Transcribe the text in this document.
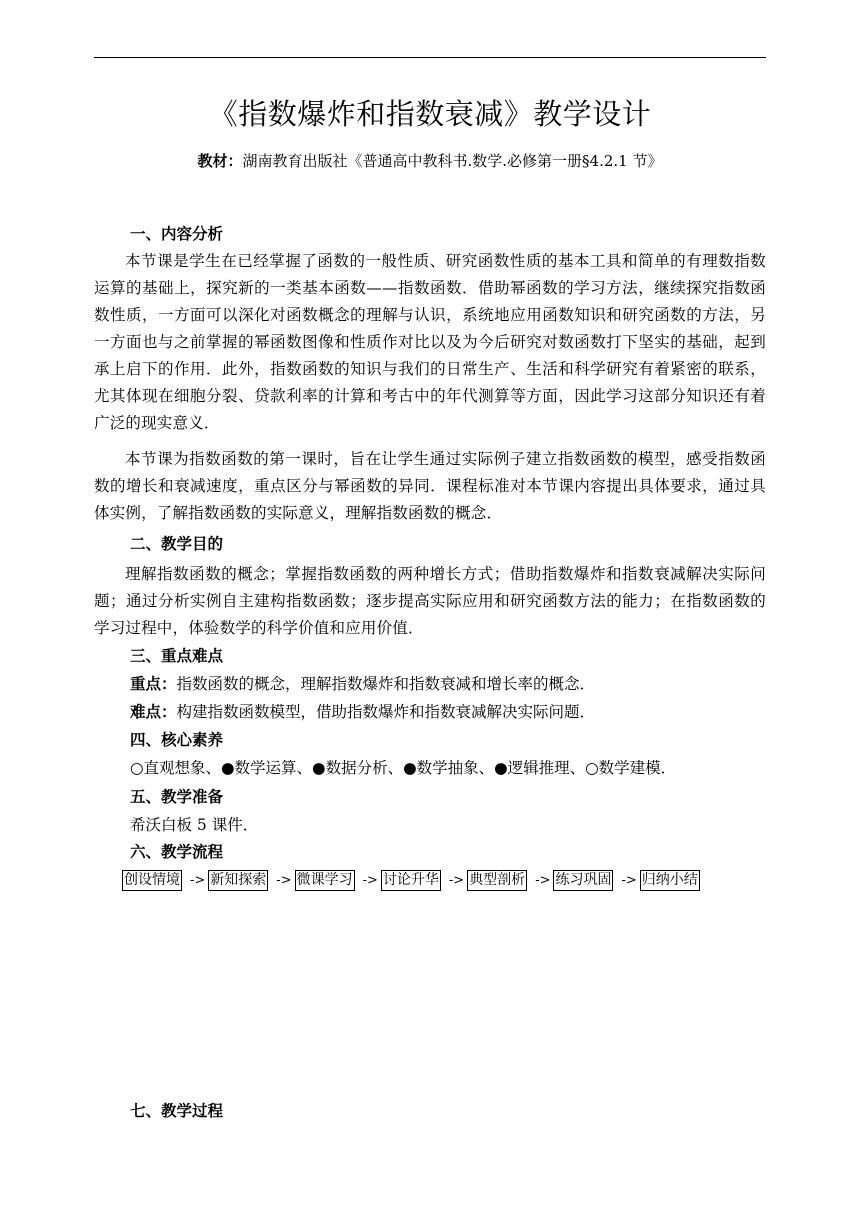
《指数爆炸和指数衰减》教学设计
教材：湖南教育出版社《普通高中教科书.数学.必修第一册§4.2.1 节》
一、内容分析
本节课是学生在已经掌握了函数的一般性质、研究函数性质的基本工具和简单的有理数指数运算的基础上，探究新的一类基本函数——指数函数．借助幂函数的学习方法，继续探究指数函数性质，一方面可以深化对函数概念的理解与认识，系统地应用函数知识和研究函数的方法，另一方面也与之前掌握的幂函数图像和性质作对比以及为今后研究对数函数打下坚实的基础，起到承上启下的作用．此外，指数函数的知识与我们的日常生产、生活和科学研究有着紧密的联系，尤其体现在细胞分裂、贷款利率的计算和考古中的年代测算等方面，因此学习这部分知识还有着广泛的现实意义．
本节课为指数函数的第一课时，旨在让学生通过实际例子建立指数函数的模型，感受指数函数的增长和衰减速度，重点区分与幂函数的异同．课程标准对本节课内容提出具体要求，通过具体实例，了解指数函数的实际意义，理解指数函数的概念．
二、教学目的
理解指数函数的概念；掌握指数函数的两种增长方式；借助指数爆炸和指数衰减解决实际问题；通过分析实例自主建构指数函数；逐步提高实际应用和研究函数方法的能力；在指数函数的学习过程中，体验数学的科学价值和应用价值．
三、重点难点
重点：指数函数的概念，理解指数爆炸和指数衰减和增长率的概念．
难点：构建指数函数模型，借助指数爆炸和指数衰减解决实际问题．
四、核心素养
○直观想象、●数学运算、●数据分析、●数学抽象、●逻辑推理、○数学建模．
五、教学准备
希沃白板 5 课件．
六、教学流程
创设情境 -> 新知探索 -> 微课学习 -> 讨论升华 -> 典型剖析 -> 练习巩固 -> 归纳小结
七、教学过程
